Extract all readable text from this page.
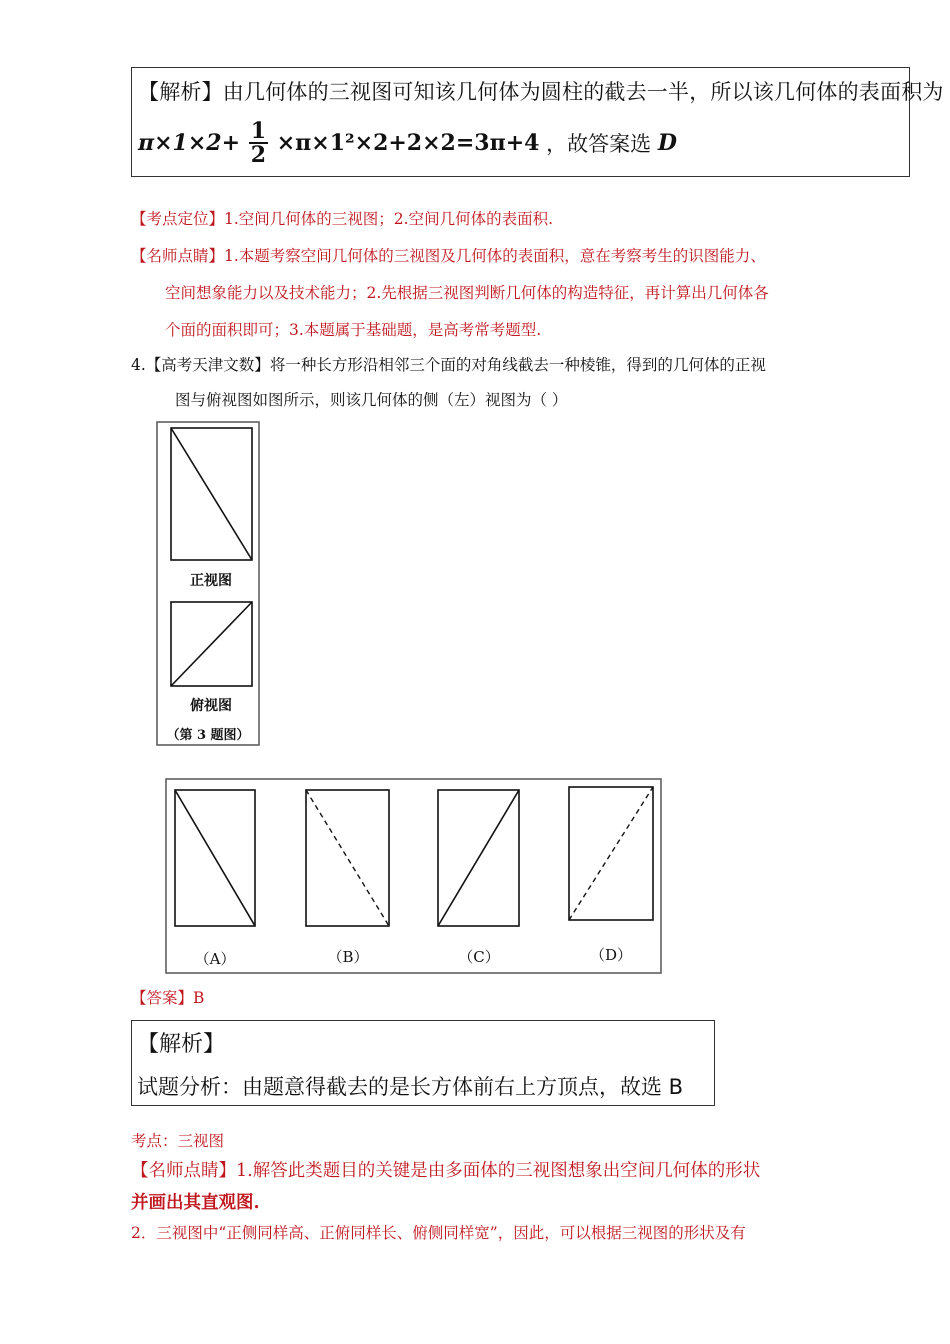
【解析】由几何体的三视图可知该几何体为圆柱的截去一半，所以该几何体的表面积为
$\pi\times 1\times 2+ \frac{1}{2} \times\pi\times 1^2\times 2+2\times 2=3\pi+4$ ，故答案选 D
【考点定位】1.空间几何体的三视图；2.空间几何体的表面积.
【名师点睛】1.本题考察空间几何体的三视图及几何体的表面积，意在考察考生的识图能力、
空间想象能力以及技术能力；2.先根据三视图判断几何体的构造特征，再计算出几何体各
个面的面积即可；3.本题属于基础题，是高考常考题型.
4.【高考天津文数】将一种长方形沿相邻三个面的对角线截去一种棱锥，得到的几何体的正视
图与俯视图如图所示，则该几何体的侧（左）视图为（ ）
正视图
俯视图
（第 3 题图）
（A）	（B）	（C）	（D）
【答案】B
【解析】
试题分析：由题意得截去的是长方体前右上方顶点，故选 B
考点：三视图
【名师点睛】1.解答此类题目的关键是由多面体的三视图想象出空间几何体的形状
并画出其直观图.
2．三视图中“正侧同样高、正俯同样长、俯侧同样宽”，因此，可以根据三视图的形状及有
